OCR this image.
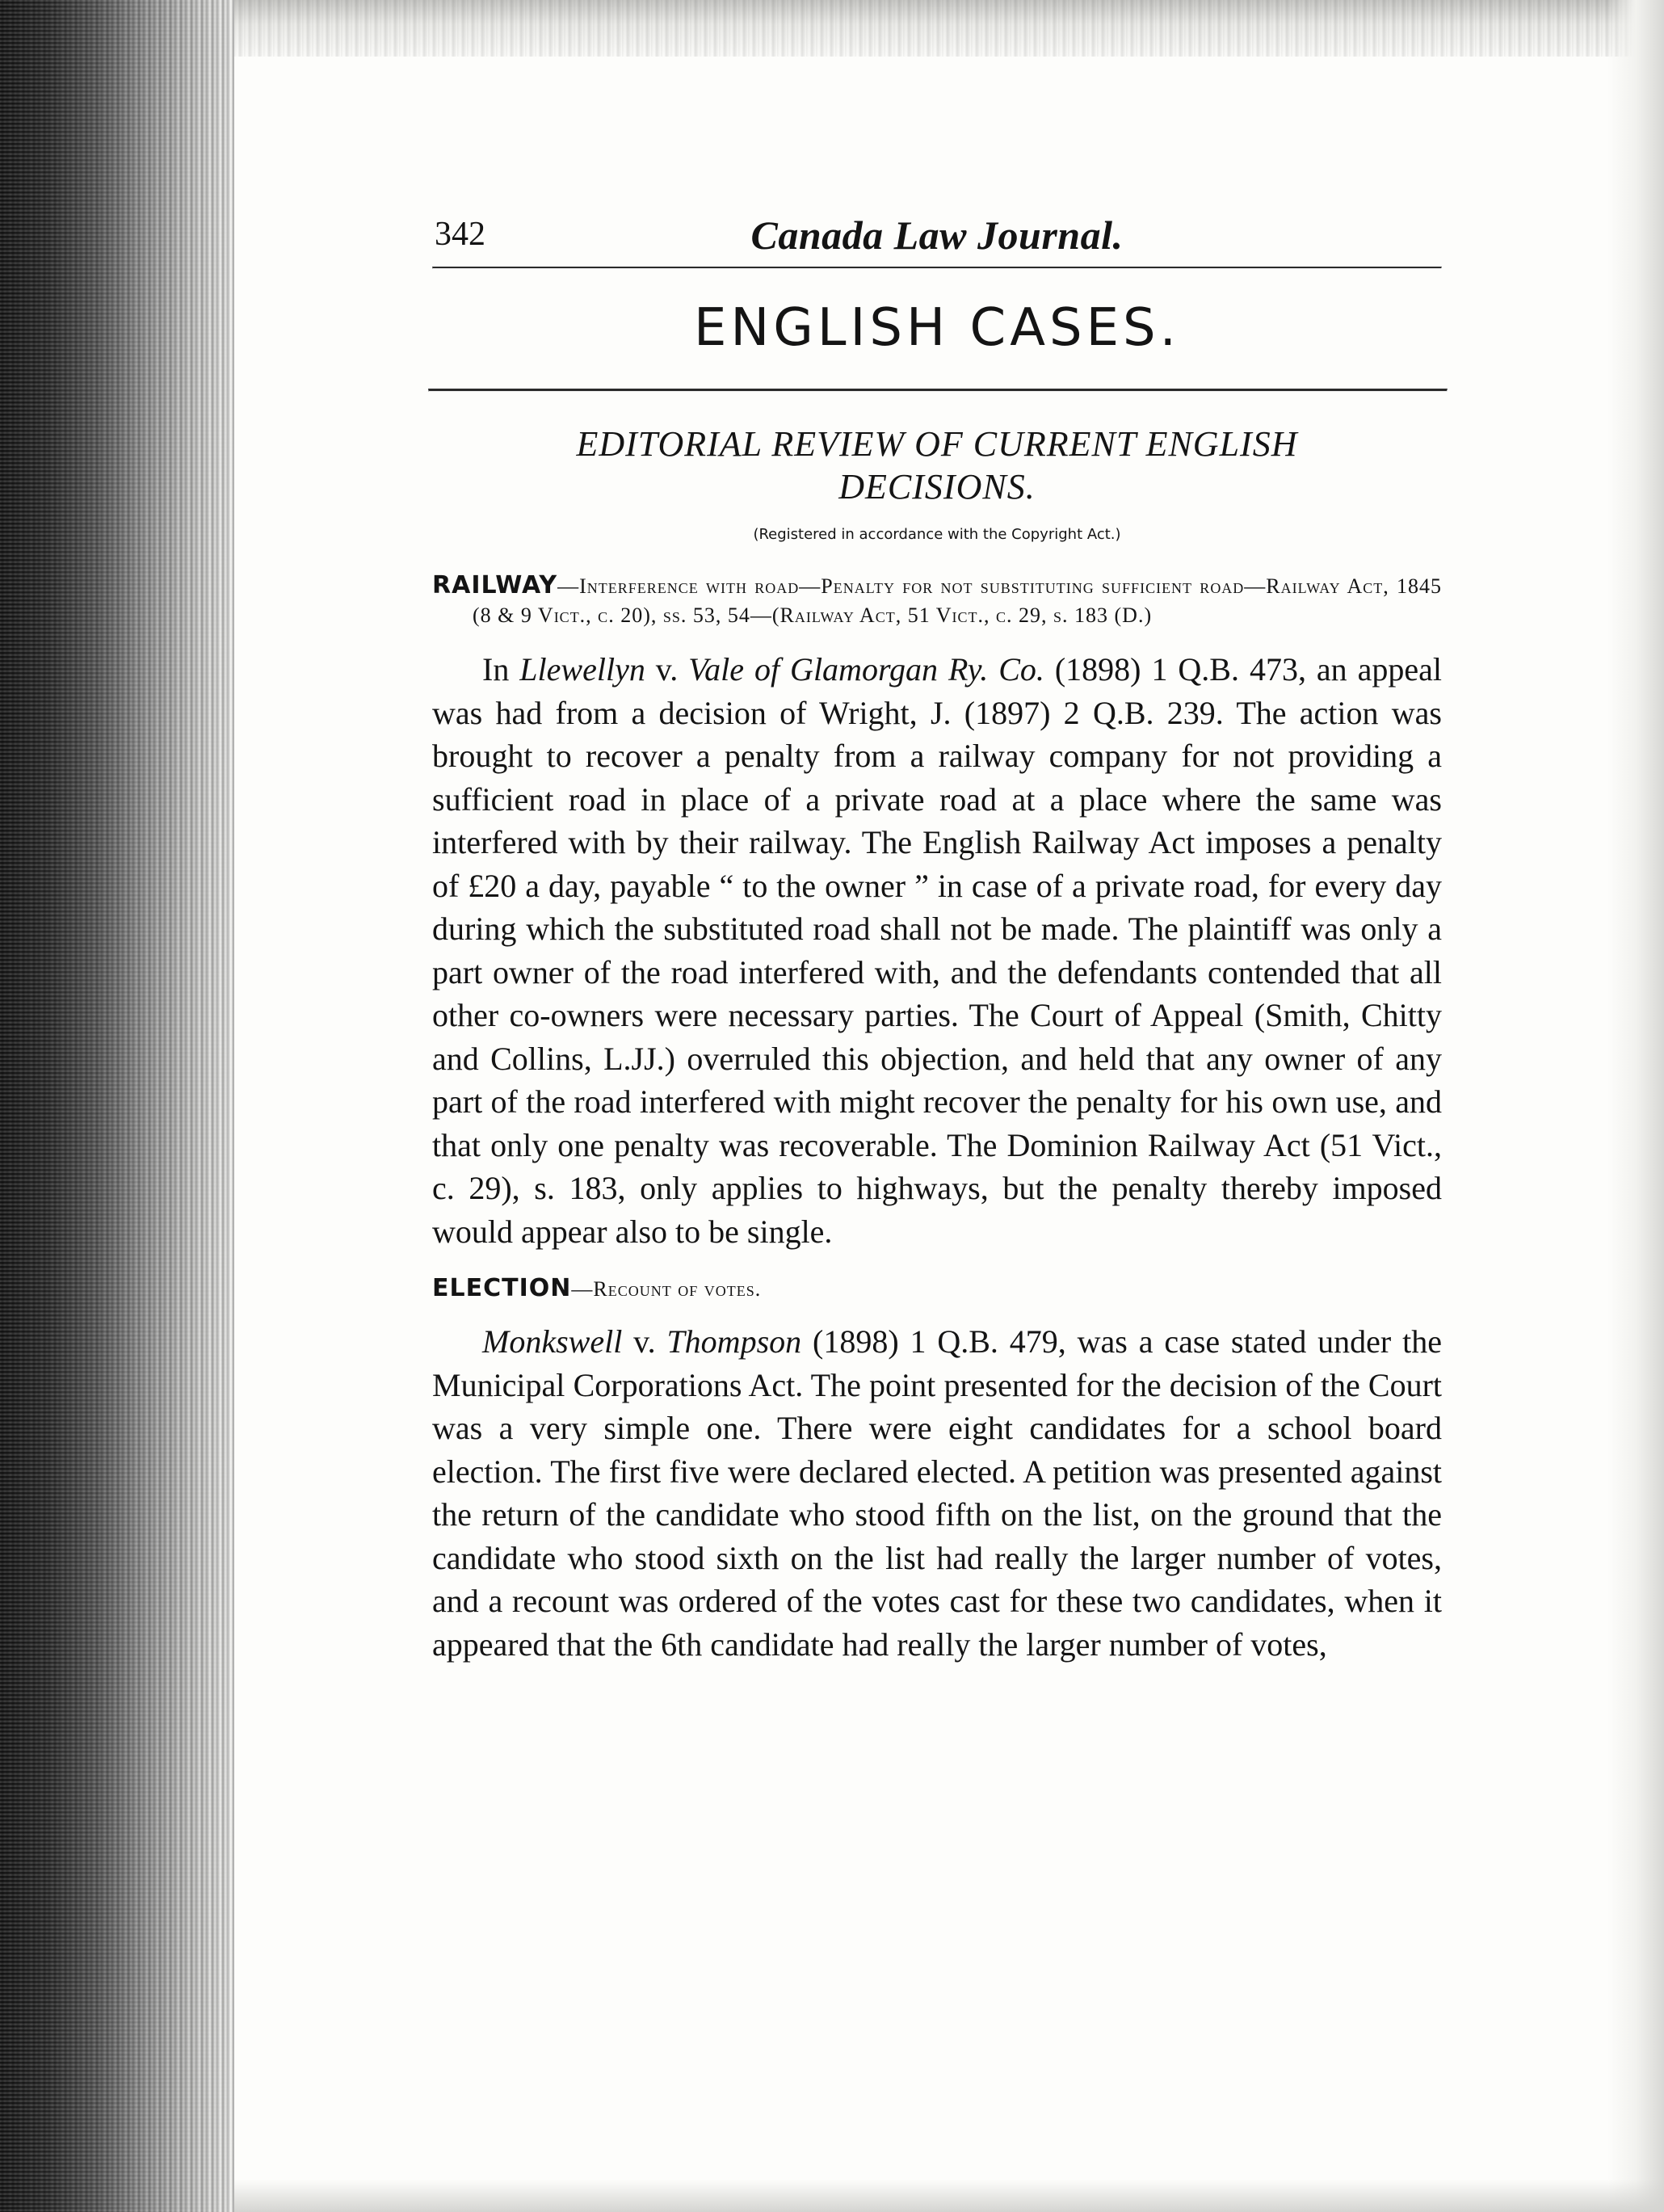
342	Canada Law Journal.
ENGLISH CASES.
EDITORIAL REVIEW OF CURRENT ENGLISH DECISIONS.
(Registered in accordance with the Copyright Act.)
RAILWAY—Interference with road—Penalty for not substituting sufficient road—Railway Act, 1845 (8 & 9 Vict., c. 20), ss. 53, 54—(Railway Act, 51 Vict., c. 29, s. 183 (D.)

In Llewellyn v. Vale of Glamorgan Ry. Co. (1898) 1 Q.B. 473, an appeal was had from a decision of Wright, J. (1897) 2 Q.B. 239. The action was brought to recover a penalty from a railway company for not providing a sufficient road in place of a private road at a place where the same was interfered with by their railway. The English Railway Act imposes a penalty of £20 a day, payable “ to the owner ” in case of a private road, for every day during which the substituted road shall not be made. The plaintiff was only a part owner of the road interfered with, and the defendants contended that all other co-owners were necessary parties. The Court of Appeal (Smith, Chitty and Collins, L.JJ.) overruled this objection, and held that any owner of any part of the road interfered with might recover the penalty for his own use, and that only one penalty was recoverable. The Dominion Railway Act (51 Vict., c. 29), s. 183, only applies to highways, but the penalty thereby imposed would appear also to be single.

ELECTION—Recount of votes.

Monkswell v. Thompson (1898) 1 Q.B. 479, was a case stated under the Municipal Corporations Act. The point presented for the decision of the Court was a very simple one. There were eight candidates for a school board election. The first five were declared elected. A petition was presented against the return of the candidate who stood fifth on the list, on the ground that the candidate who stood sixth on the list had really the larger number of votes, and a recount was ordered of the votes cast for these two candidates, when it appeared that the 6th candidate had really the larger number of votes,
